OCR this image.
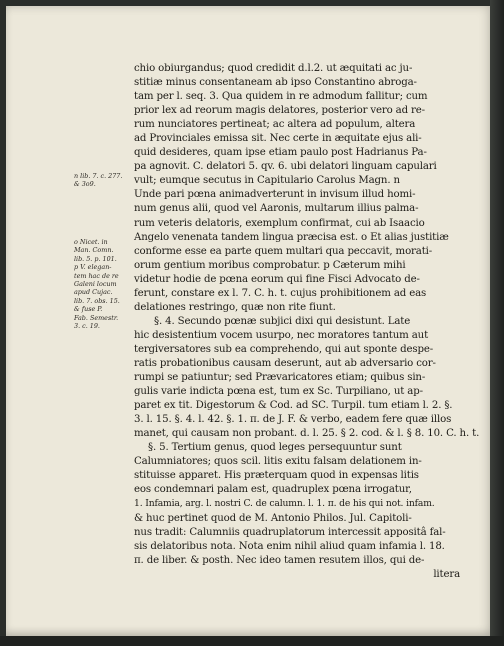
n lib. 7. c. 277.
& 3o9.
o Nicet. in
Man. Comn.
lib. 5. p. 101.
p V. elegan-
tem hac de re
Galeni locum
apud Cujac.
lib. 7. obs. 15.
& fuse P.
Fab. Semestr.
3. c. 19.
chio obiurgandus; quod credidit d.l.2. ut æquitati ac ju-
stitiæ minus consentaneam ab ipso Constantino abroga-
tam per l. seq. 3. Qua quidem in re admodum fallitur; cum
prior lex ad reorum magis delatores, posterior vero ad re-
rum nunciatores pertineat; ac altera ad populum, altera
ad Provinciales emissa sit. Nec certe in æquitate ejus ali-
quid desideres, quam ipse etiam paulo post Hadrianus Pa-
pa agnovit. C. delatori 5. qv. 6. ubi delatori linguam capulari
vult; eumque secutus in Capitulario Carolus Magn. n
Unde pari pœna animadverterunt in invisum illud homi-
num genus alii, quod vel Aaronis, multarum illius palma-
rum veteris delatoris, exemplum confirmat, cui ab Isaacio
Angelo venenata tandem lingua præcisa est. o Et alias justitiæ
conforme esse ea parte quem multari qua peccavit, morati-
orum gentium moribus comprobatur. p Cæterum mihi
videtur hodie de pœna eorum qui fine Fisci Advocato de-
ferunt, constare ex l. 7. C. h. t. cujus prohibitionem ad eas
delationes restringo, quæ non rite fiunt.
§. 4. Secundo pœnæ subjici dixi qui desistunt. Late
hic desistentium vocem usurpo, nec moratores tantum aut
tergiversatores sub ea comprehendo, qui aut sponte despe-
ratis probationibus causam deserunt, aut ab adversario cor-
rumpi se patiuntur; sed Prævaricatores etiam; quibus sin-
gulis varie indicta pœna est, tum ex Sc. Turpiliano, ut ap-
paret ex tit. Digestorum & Cod. ad SC. Turpil. tum etiam l. 2. §.
3. l. 15. §. 4. l. 42. §. 1. π. de J. F. & verbo, eadem fere quæ illos
manet, qui causam non probant. d. l. 25. § 2. cod. & l. § 8. 10. C. h. t.
§. 5. Tertium genus, quod leges persequuntur sunt
Calumniatores; quos scil. litis exitu falsam delationem in-
stituisse apparet. His præterquam quod in expensas litis
eos condemnari palam est, quadruplex pœna irrogatur,
1. Infamia, arg. l. nostri C. de calumn. l. 1. π. de his qui not. infam.
& huc pertinet quod de M. Antonio Philos. Jul. Capitoli-
nus tradit: Calumniis quadruplatorum intercessit appositâ fal-
sis delatoribus nota. Nota enim nihil aliud quam infamia l. 18.
π. de liber. & posth. Nec ideo tamen resutem illos, qui de-
litera
